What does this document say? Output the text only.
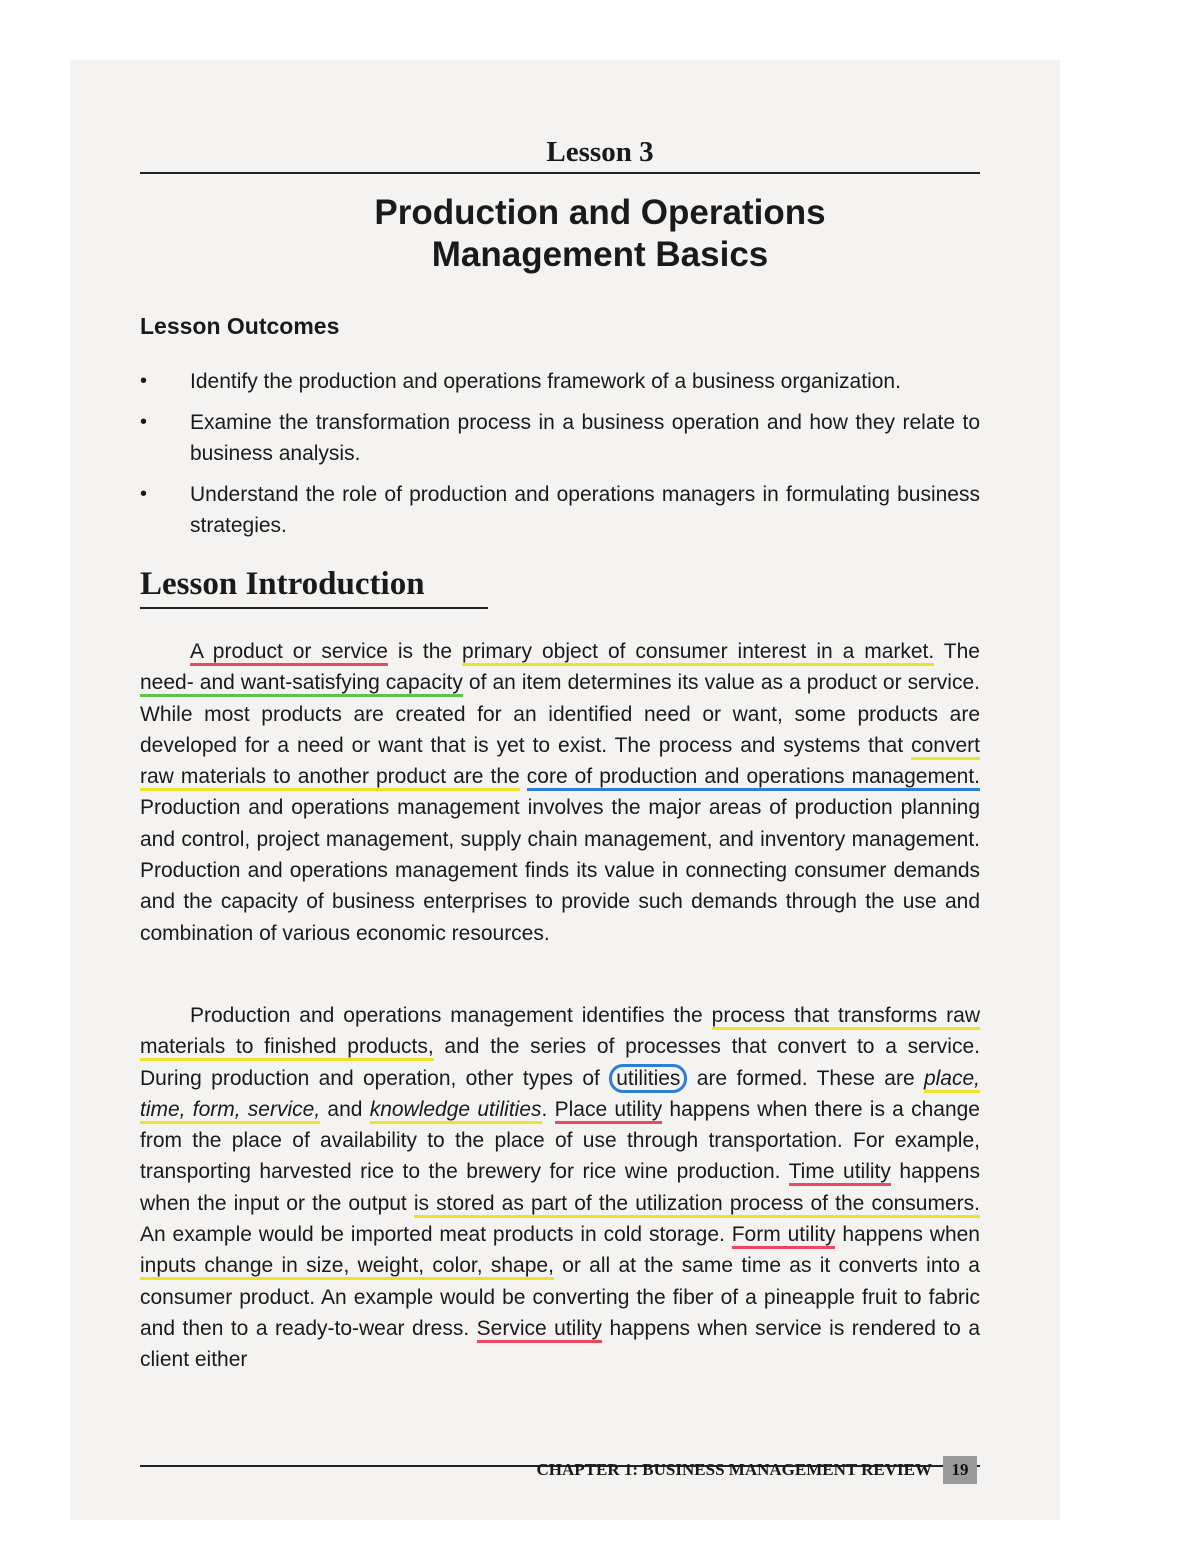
Lesson 3
Production and Operations
Management Basics
Lesson Outcomes
• Identify the production and operations framework of a business organization.
• Examine the transformation process in a business operation and how they relate to business analysis.
• Understand the role of production and operations managers in formulating business strategies.
Lesson Introduction

A product or service is the primary object of consumer interest in a market. The need- and want-satisfying capacity of an item determines its value as a product or service. While most products are created for an identified need or want, some products are developed for a need or want that is yet to exist. The process and systems that convert raw materials to another product are the core of production and operations management. Production and operations management involves the major areas of production planning and control, project management, supply chain management, and inventory management. Production and operations management finds its value in connecting consumer demands and the capacity of business enterprises to provide such demands through the use and combination of various economic resources.

Production and operations management identifies the process that transforms raw materials to finished products, and the series of processes that convert to a service. During production and operation, other types of utilities are formed. These are place, time, form, service, and knowledge utilities. Place utility happens when there is a change from the place of availability to the place of use through transportation. For example, transporting harvested rice to the brewery for rice wine production. Time utility happens when the input or the output is stored as part of the utilization process of the consumers. An example would be imported meat products in cold storage. Form utility happens when inputs change in size, weight, color, shape, or all at the same time as it converts into a consumer product. An example would be converting the fiber of a pineapple fruit to fabric and then to a ready-to-wear dress. Service utility happens when service is rendered to a client either

CHAPTER 1: BUSINESS MANAGEMENT REVIEW	19
